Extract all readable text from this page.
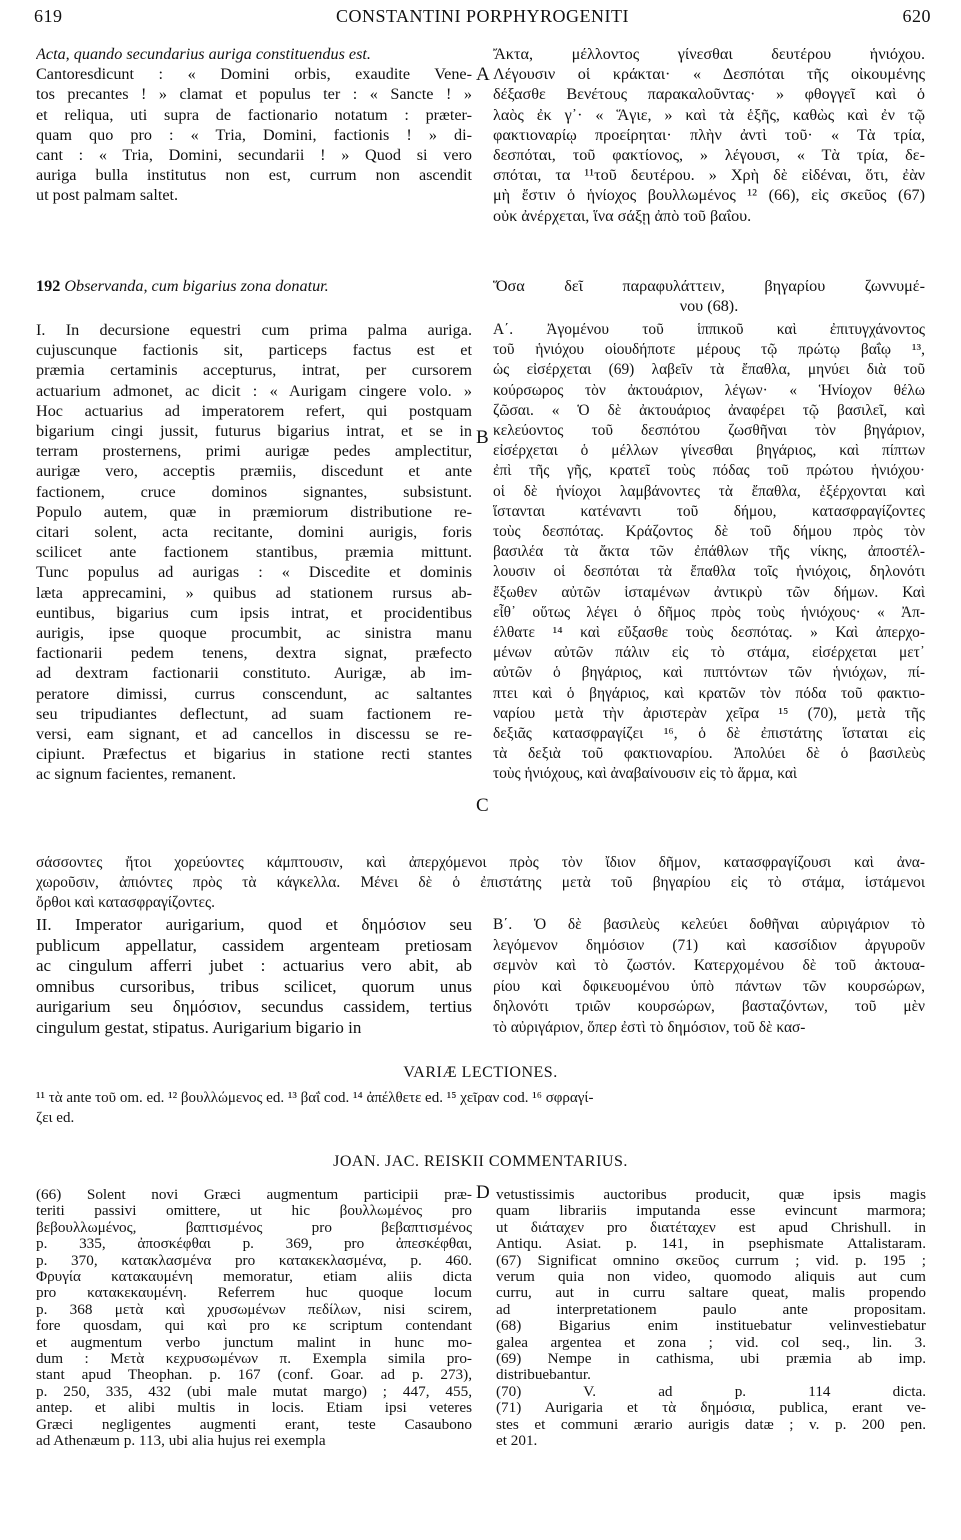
619	CONSTANTINI PORPHYROGENITI	620
Acta, quando secundarius auriga constituendus est.
Cantoresdicunt : « Domini orbis, exaudite Vene-
tos precantes ! » clamat et populus ter : « Sancte ! »
et reliqua, uti supra de factionario notatum : præter-
quam quo pro : « Tria, Domini, factionis ! » di-
cant : « Tria, Domini, secundarii ! » Quod si vero
auriga bulla institutus non est, currum non ascendit
ut post palmam saltet.
Ἄκτα, μέλλοντος γίνεσθαι δευτέρου ἡνιόχου.
Λέγουσιν οἱ κράκται· « Δεσπόται τῆς οἰκουμένης
δέξασθε Βενέτους παρακαλοῦντας· » φθογγεῖ καὶ ὁ
λαὸς ἐκ γ᾽· « Ἅγιε, » καὶ τὰ ἑξῆς, καθὼς καὶ ἐν τῷ
φακτιοναρίῳ προείρηται· πλὴν ἀντὶ τοῦ· « Τὰ τρία,
δεσπόται, τοῦ φακτίονος, » λέγουσι, « Τὰ τρία, δε-
σπόται, τα ¹¹τοῦ δευτέρου. » Χρὴ δὲ εἰδέναι, ὅτι, ἐὰν
μὴ ἔστιν ὁ ἡνίοχος βουλλωμένος ¹² (66), εἰς σκεῦος (67)
οὐκ ἀνέρχεται, ἵνα σάξῃ ἀπὸ τοῦ βαΐου.
A
192 Observanda, cum bigarius zona donatur.	Ὅσα δεῖ παραφυλάττειν, βηγαρίου ζωννυμέ-
νου (68).
I. In decursione equestri cum prima palma auriga.
cujuscunque factionis sit, particeps factus est et
præmia certaminis accepturus, intrat, per cursorem
actuarium admonet, ac dicit : « Aurigam cingere volo. »
Hoc actuarius ad imperatorem refert, qui postquam
bigarium cingi jussit, futurus bigarius intrat, et se in
terram prosternens, primi aurigæ pedes amplectitur,
aurigæ vero, acceptis præmiis, discedunt et ante
factionem, cruce dominos signantes, subsistunt.
Populo autem, quæ in præmiorum distributione re-
citari solent, acta recitante, domini aurigis, foris
scilicet ante factionem stantibus, præmia mittunt.
Tunc populus ad aurigas : « Discedite et dominis
læta apprecamini, » quibus ad stationem rursus ab-
euntibus, bigarius cum ipsis intrat, et procidentibus
aurigis, ipse quoque procumbit, ac sinistra manu
factionarii pedem tenens, dextra signat, præfecto
ad dextram factionarii constituto. Aurigæ, ab im-
peratore dimissi, currus conscendunt, ac saltantes
seu tripudiantes deflectunt, ad suam factionem re-
versi, eam signant, et ad cancellos in discessu se re-
cipiunt. Præfectus et bigarius in statione recti stantes
ac signum facientes, remanent.
Α΄. Ἀγομένου τοῦ ἱππικοῦ καὶ ἐπιτυγχάνοντος
τοῦ ἡνιόχου οἱουδήποτε μέρους τῷ πρώτῳ βαΐῳ ¹³,
ὡς εἰσέρχεται (69) λαβεῖν τὰ ἔπαθλα, μηνύει διὰ τοῦ
κούρσωρος τὸν ἀκτουάριον, λέγων· « Ἡνίοχον θέλω
ζῶσαι. « Ὁ δὲ ἀκτουάριος ἀναφέρει τῷ βασιλεῖ, καὶ
κελεύοντος τοῦ δεσπότου ζωσθῆναι τὸν βηγάριον,
εἰσέρχεται ὁ μέλλων γίνεσθαι βηγάριος, καὶ πίπτων
ἐπὶ τῆς γῆς, κρατεῖ τοὺς πόδας τοῦ πρώτου ἡνιόχου·
οἱ δὲ ἡνίοχοι λαμβάνοντες τὰ ἔπαθλα, ἐξέρχονται καὶ
ἵστανται κατέναντι τοῦ δήμου, κατασφραγίζοντες
τοὺς δεσπότας. Κράζοντος δὲ τοῦ δήμου πρὸς τὸν
βασιλέα τὰ ἄκτα τῶν ἐπάθλων τῆς νίκης, ἀποστέλ-
λουσιν οἱ δεσπόται τὰ ἔπαθλα τοῖς ἡνιόχοις, δηλονότι
ἔξωθεν αὐτῶν ἱσταμένων ἀντικρὺ τῶν δήμων. Καὶ
εἶθ᾽ οὕτως λέγει ὁ δῆμος πρὸς τοὺς ἡνιόχους· « Ἀπ-
έλθατε ¹⁴ καὶ εὔξασθε τοὺς δεσπότας. » Καὶ ἀπερχο-
μένων αὐτῶν πάλιν εἰς τὸ στάμα, εἰσέρχεται μετ᾽
αὐτῶν ὁ βηγάριος, καὶ πιπτόντων τῶν ἡνιόχων, πί-
πτει καὶ ὁ βηγάριος, καὶ κρατῶν τὸν πόδα τοῦ φακτιο-
ναρίου μετὰ τὴν ἀριστερὰν χεῖρα ¹⁵ (70), μετὰ τῆς
δεξιᾶς κατασφραγίζει ¹⁶, ὁ δὲ ἐπιστάτης ἵσταται εἰς
τὰ δεξιὰ τοῦ φακτιοναρίου. Ἀπολύει δὲ ὁ βασιλεὺς
τοὺς ἡνιόχους, καὶ ἀναβαίνουσιν εἰς τὸ ἅρμα, καὶ
B
C
σάσσοντες ἤτοι χορεύοντες κάμπτουσιν, καὶ ἀπερχόμενοι πρὸς τὸν ἴδιον δῆμον, κατασφραγίζουσι καὶ ἀνα-
χωροῦσιν, ἀπιόντες πρὸς τὰ κάγκελλα. Μένει δὲ ὁ ἐπιστάτης μετὰ τοῦ βηγαρίου εἰς τὸ στάμα, ἱστάμενοι
ὄρθοι καὶ κατασφραγίζοντες.
II. Imperator aurigarium, quod et δημόσιον seu
publicum appellatur, cassidem argenteam pretiosam
ac cingulum afferri jubet : actuarius vero abit, ab
omnibus cursoribus, tribus scilicet, quorum unus
aurigarium seu δημόσιον, secundus cassidem, tertius
cingulum gestat, stipatus. Aurigarium bigario in
Β΄. Ὁ δὲ βασιλεὺς κελεύει δοθῆναι αὐριγάριον τὸ
λεγόμενον δημόσιον (71) καὶ κασσίδιον ἀργυροῦν
σεμνὸν καὶ τὸ ζωστόν. Κατερχομένου δὲ τοῦ ἀκτουα-
ρίου καὶ δφικευομένου ὑπὸ πάντων τῶν κουρσώρων,
δηλονότι τριῶν κουρσώρων, βασταζόντων, τοῦ μὲν
τὸ αὐριγάριον, ὅπερ ἐστὶ τὸ δημόσιον, τοῦ δὲ κασ-
VARIÆ LECTIONES.
¹¹ τὰ ante τοῦ om. ed. ¹² βουλλώμενος ed. ¹³ βαΐ cod. ¹⁴ ἀπέλθετε ed. ¹⁵ χεῖραν cod. ¹⁶ σφραγί-
ζει ed.
JOAN. JAC. REISKII COMMENTARIUS.
(66) Solent novi Græci augmentum participii præ-
teriti passivi omittere, ut hic βουλλωμένος pro
βεβουλλωμένος, βαπτισμένος pro βεβαπτισμένος
p. 335, ἀποσκέφθαι p. 369, pro ἀπεσκέφθαι,
p. 370, κατακλασμένα pro κατακεκλασμένα, p. 460.
Φρυγία κατακαυμένη memoratur, etiam aliis dicta
pro κατακεκαυμένη. Referrem huc quoque locum
p. 368 μετὰ καὶ χρυσωμένων πεδίλων, nisi scirem,
fore quosdam, qui καὶ pro κε scriptum contendant
et augmentum verbo junctum malint in hunc mo-
dum : Μετὰ κεχρυσωμένων π. Exempla simila pro-
stant apud Theophan. p. 167 (conf. Goar. ad p. 273),
p. 250, 335, 432 (ubi male mutat margo) ; 447, 455,
antep. et alibi multis in locis. Etiam ipsi veteres
Græci negligentes augmenti erant, teste Casaubono
ad Athenæum p. 113, ubi alia hujus rei exempla
vetustissimis auctoribus producit, quæ ipsis magis
quam librariis imputanda esse evincunt marmora;
ut διάταχεν pro διατέταχεν est apud Chrishull. in
Antiqu. Asiat. p. 141, in psephismate Attalistaram.
(67) Significat omnino σκεῦος currum ; vid. p. 195 ;
verum quia non video, quomodo aliquis aut cum
curru, aut in curru saltare queat, malis propendo
ad interpretationem paulo ante propositam.
(68) Bigarius enim instituebatur velinvestiebatur
galea argentea et zona ; vid. col seq., lin. 3.
(69) Nempe in cathisma, ubi præmia ab imp.
distribuebantur.
(70) V. ad p. 114 dicta.
(71) Aurigaria et τὰ δημόσια, publica, erant ve-
stes et communi ærario aurigis datæ ; v. p. 200 pen.
et 201.
D
